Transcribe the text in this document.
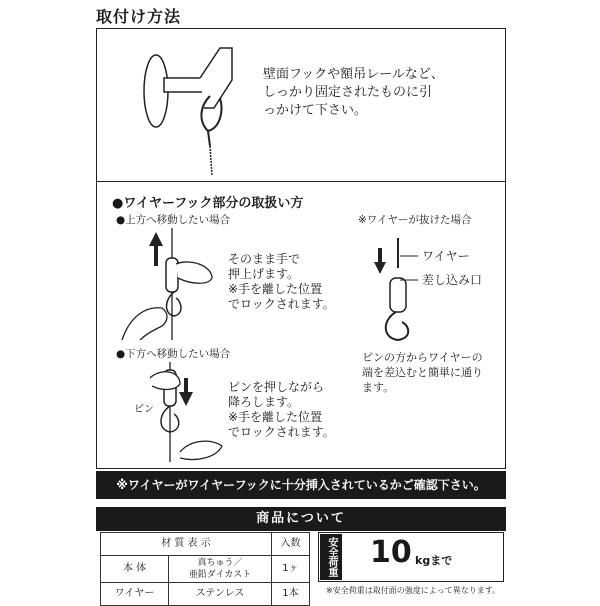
取付け方法
壁面フックや額吊レールなど、
しっかり固定されたものに引
っかけて下さい。
●ワイヤーフック部分の取扱い方
●上方へ移動したい場合
そのまま手で
押上げます。
※手を離した位置
でロックされます。
●下方へ移動したい場合
ピン
ピンを押しながら
降ろします。
※手を離した位置
でロックされます。
※ワイヤーが抜けた場合
ワイヤー
差し込み口
ピンの方からワイヤーの
端を差込むと簡単に通り
ます。
※ワイヤーがワイヤーフックに十分挿入されているかご確認下さい。
商品について
材 質 表 示		入数
本 体	真ちゅう／
亜鉛ダイカスト	1ヶ
ワイヤー	ステンレス	1本
安全荷重 10 kgまで
※安全荷重は取付面の強度によって異なります。
